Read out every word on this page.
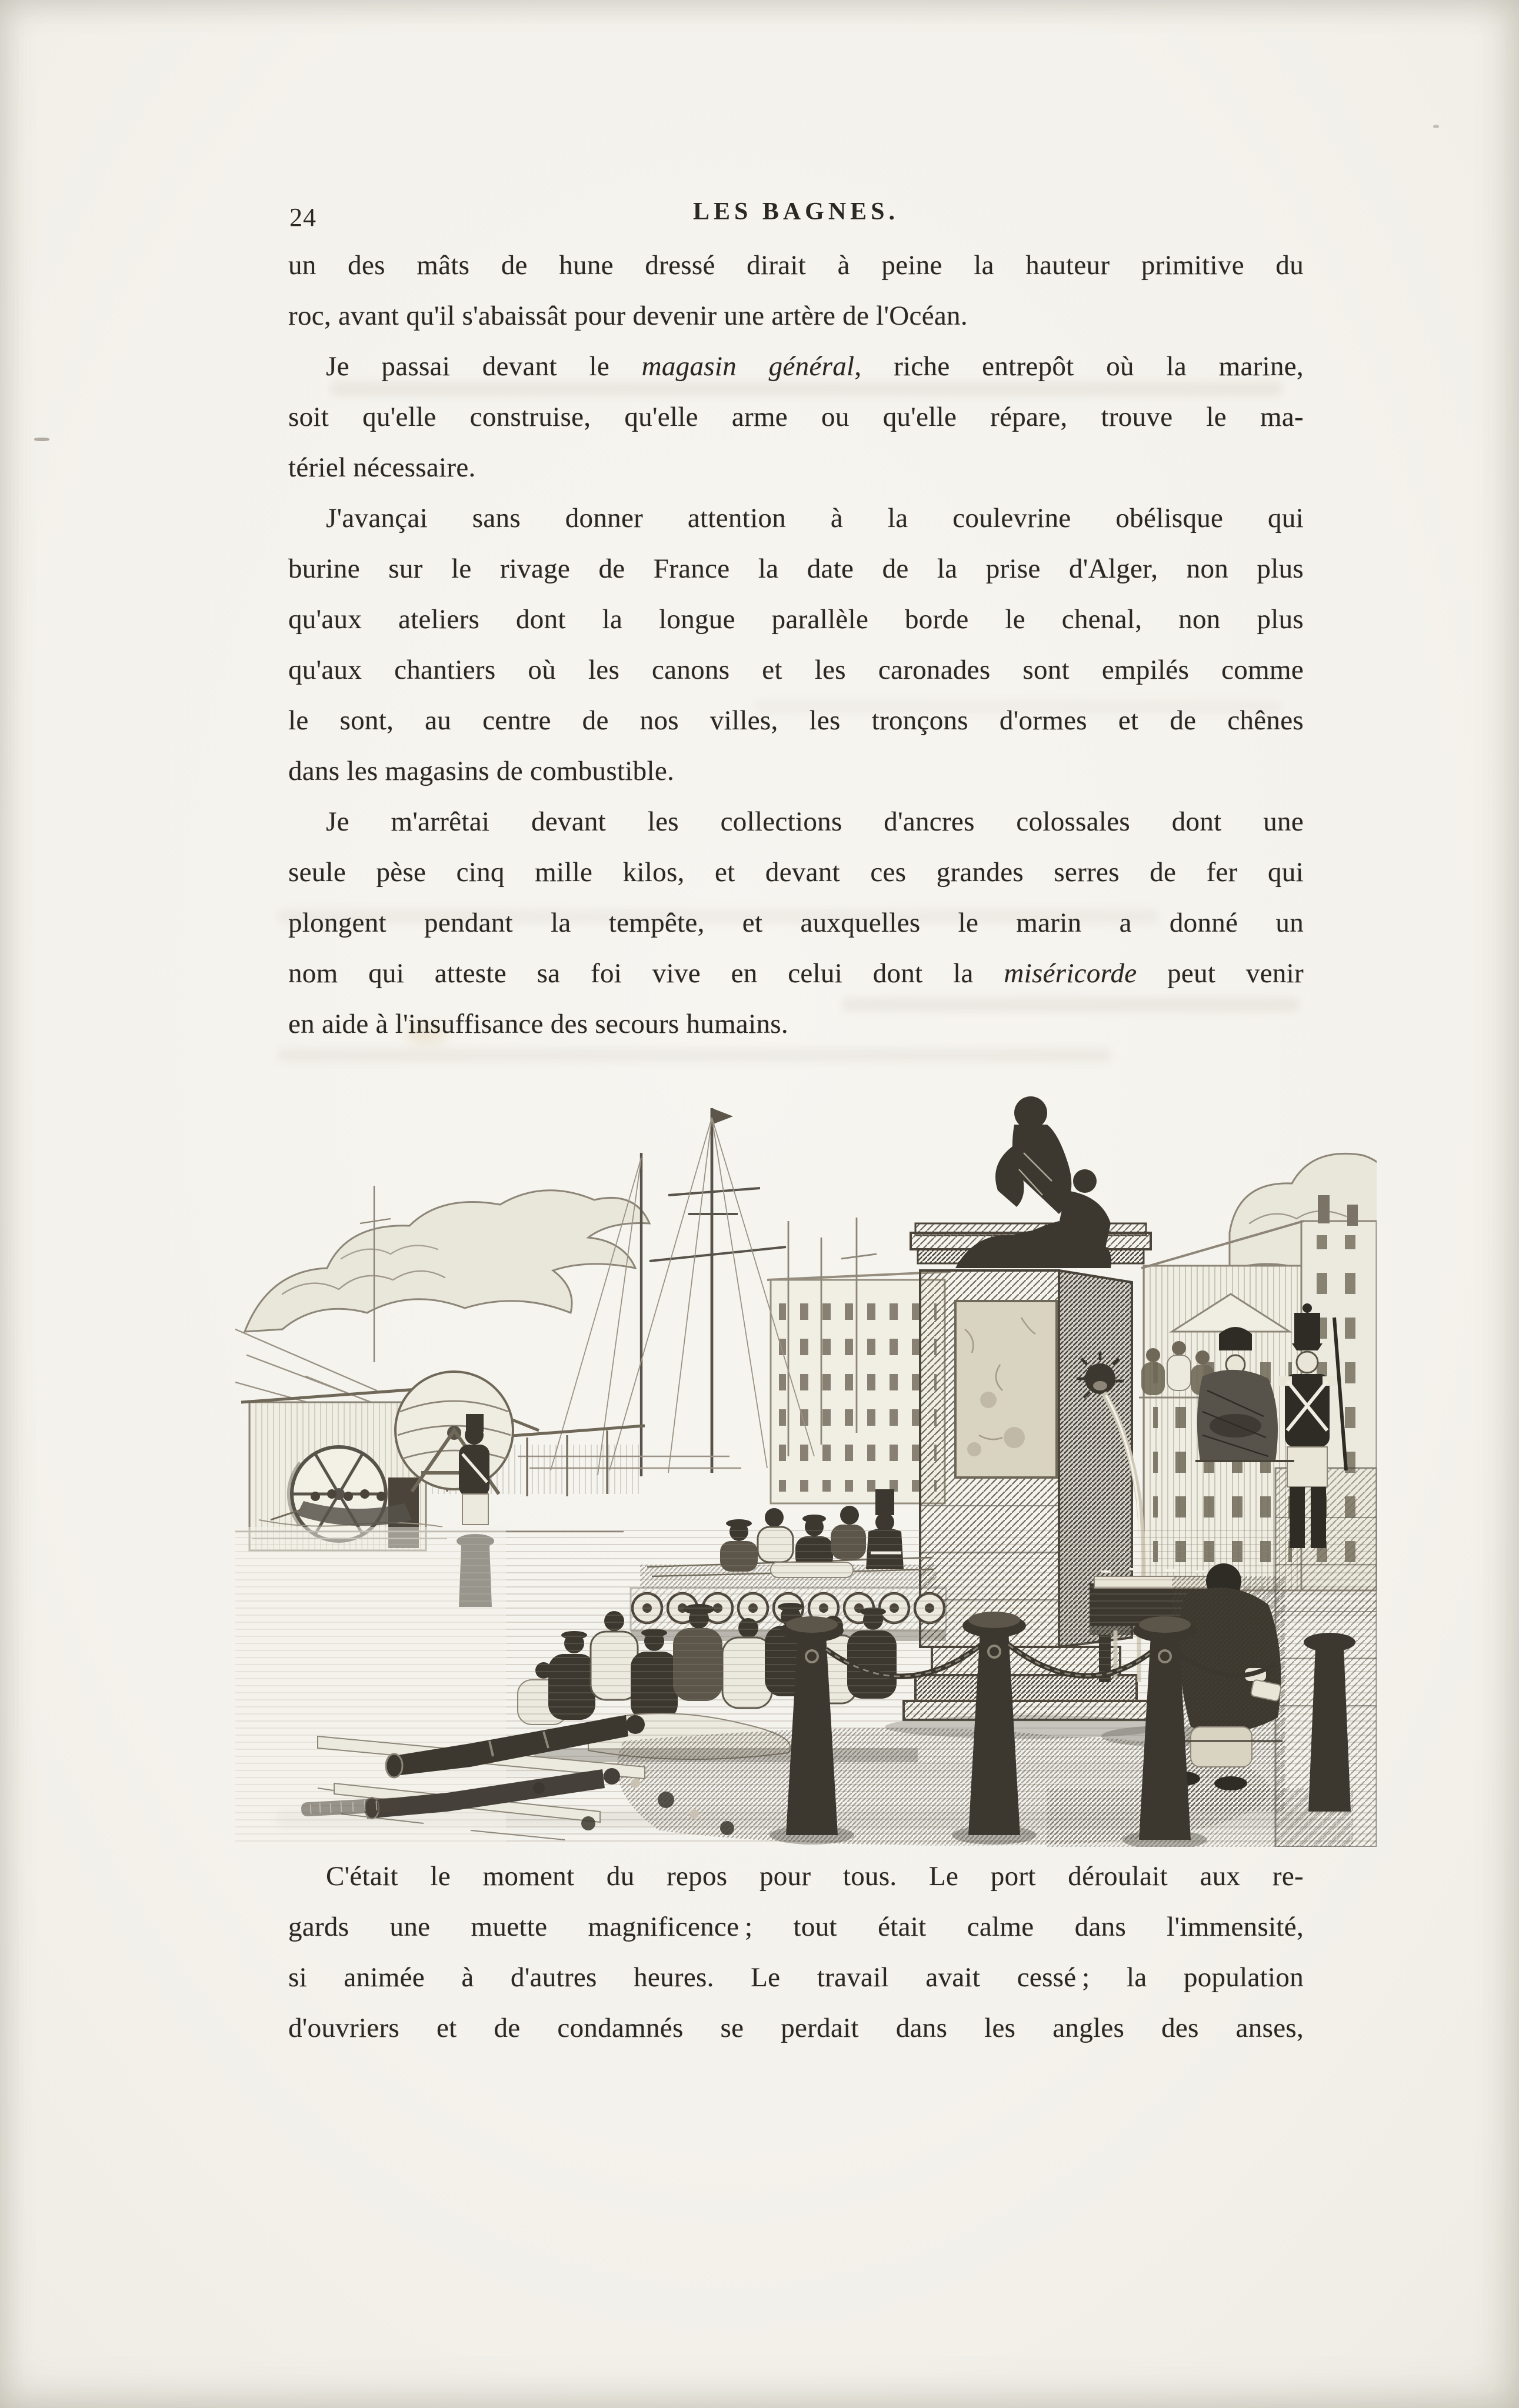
24	LES BAGNES.
un des mâts de hune dressé dirait à peine la hauteur primitive du
roc, avant qu'il s'abaissât pour devenir une artère de l'Océan.
Je passai devant le magasin général, riche entrepôt où la marine,
soit qu'elle construise, qu'elle arme ou qu'elle répare, trouve le ma-
tériel nécessaire.
J'avançai sans donner attention à la coulevrine obélisque qui
burine sur le rivage de France la date de la prise d'Alger, non plus
qu'aux ateliers dont la longue parallèle borde le chenal, non plus
qu'aux chantiers où les canons et les caronades sont empilés comme
le sont, au centre de nos villes, les tronçons d'ormes et de chênes
dans les magasins de combustible.
Je m'arrêtai devant les collections d'ancres colossales dont une
seule pèse cinq mille kilos, et devant ces grandes serres de fer qui
plongent pendant la tempête, et auxquelles le marin a donné un
nom qui atteste sa foi vive en celui dont la miséricorde peut venir
en aide à l'insuffisance des secours humains.
C'était le moment du repos pour tous. Le port déroulait aux re-
gards une muette magnificence ; tout était calme dans l'immensité,
si animée à d'autres heures. Le travail avait cessé ; la population
d'ouvriers et de condamnés se perdait dans les angles des anses,
